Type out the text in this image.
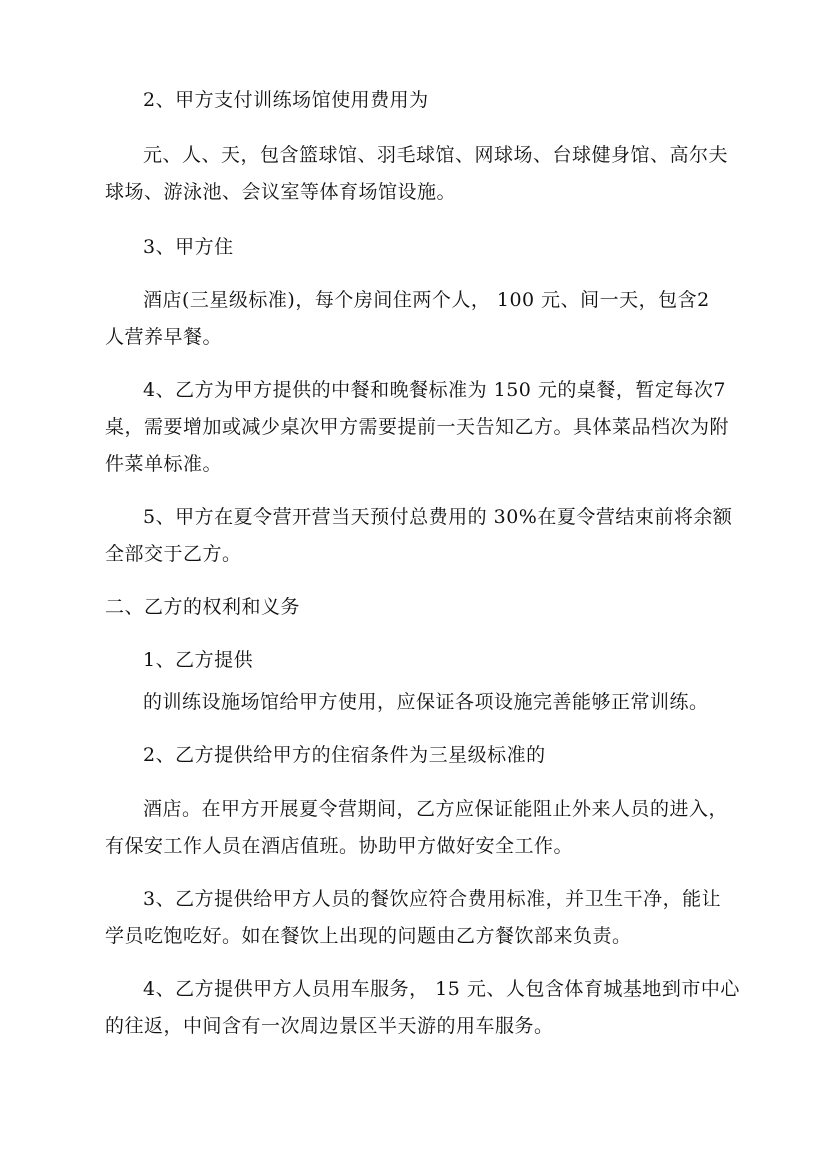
2、甲方支付训练场馆使用费用为
元、人、天，包含篮球馆、羽毛球馆、网球场、台球健身馆、高尔夫
球场、游泳池、会议室等体育场馆设施。
3、甲方住
酒店(三星级标准)，每个房间住两个人， 100 元、间一天，包含2
人营养早餐。
4、乙方为甲方提供的中餐和晚餐标准为 150 元的桌餐，暂定每次7
桌，需要增加或减少桌次甲方需要提前一天告知乙方。具体菜品档次为附
件菜单标准。
5、甲方在夏令营开营当天预付总费用的 30%在夏令营结束前将余额
全部交于乙方。
二、乙方的权利和义务
1、乙方提供
的训练设施场馆给甲方使用，应保证各项设施完善能够正常训练。
2、乙方提供给甲方的住宿条件为三星级标准的
酒店。在甲方开展夏令营期间，乙方应保证能阻止外来人员的进入，
有保安工作人员在酒店值班。协助甲方做好安全工作。
3、乙方提供给甲方人员的餐饮应符合费用标准，并卫生干净，能让
学员吃饱吃好。如在餐饮上出现的问题由乙方餐饮部来负责。
4、乙方提供甲方人员用车服务， 15 元、人包含体育城基地到市中心
的往返，中间含有一次周边景区半天游的用车服务。
